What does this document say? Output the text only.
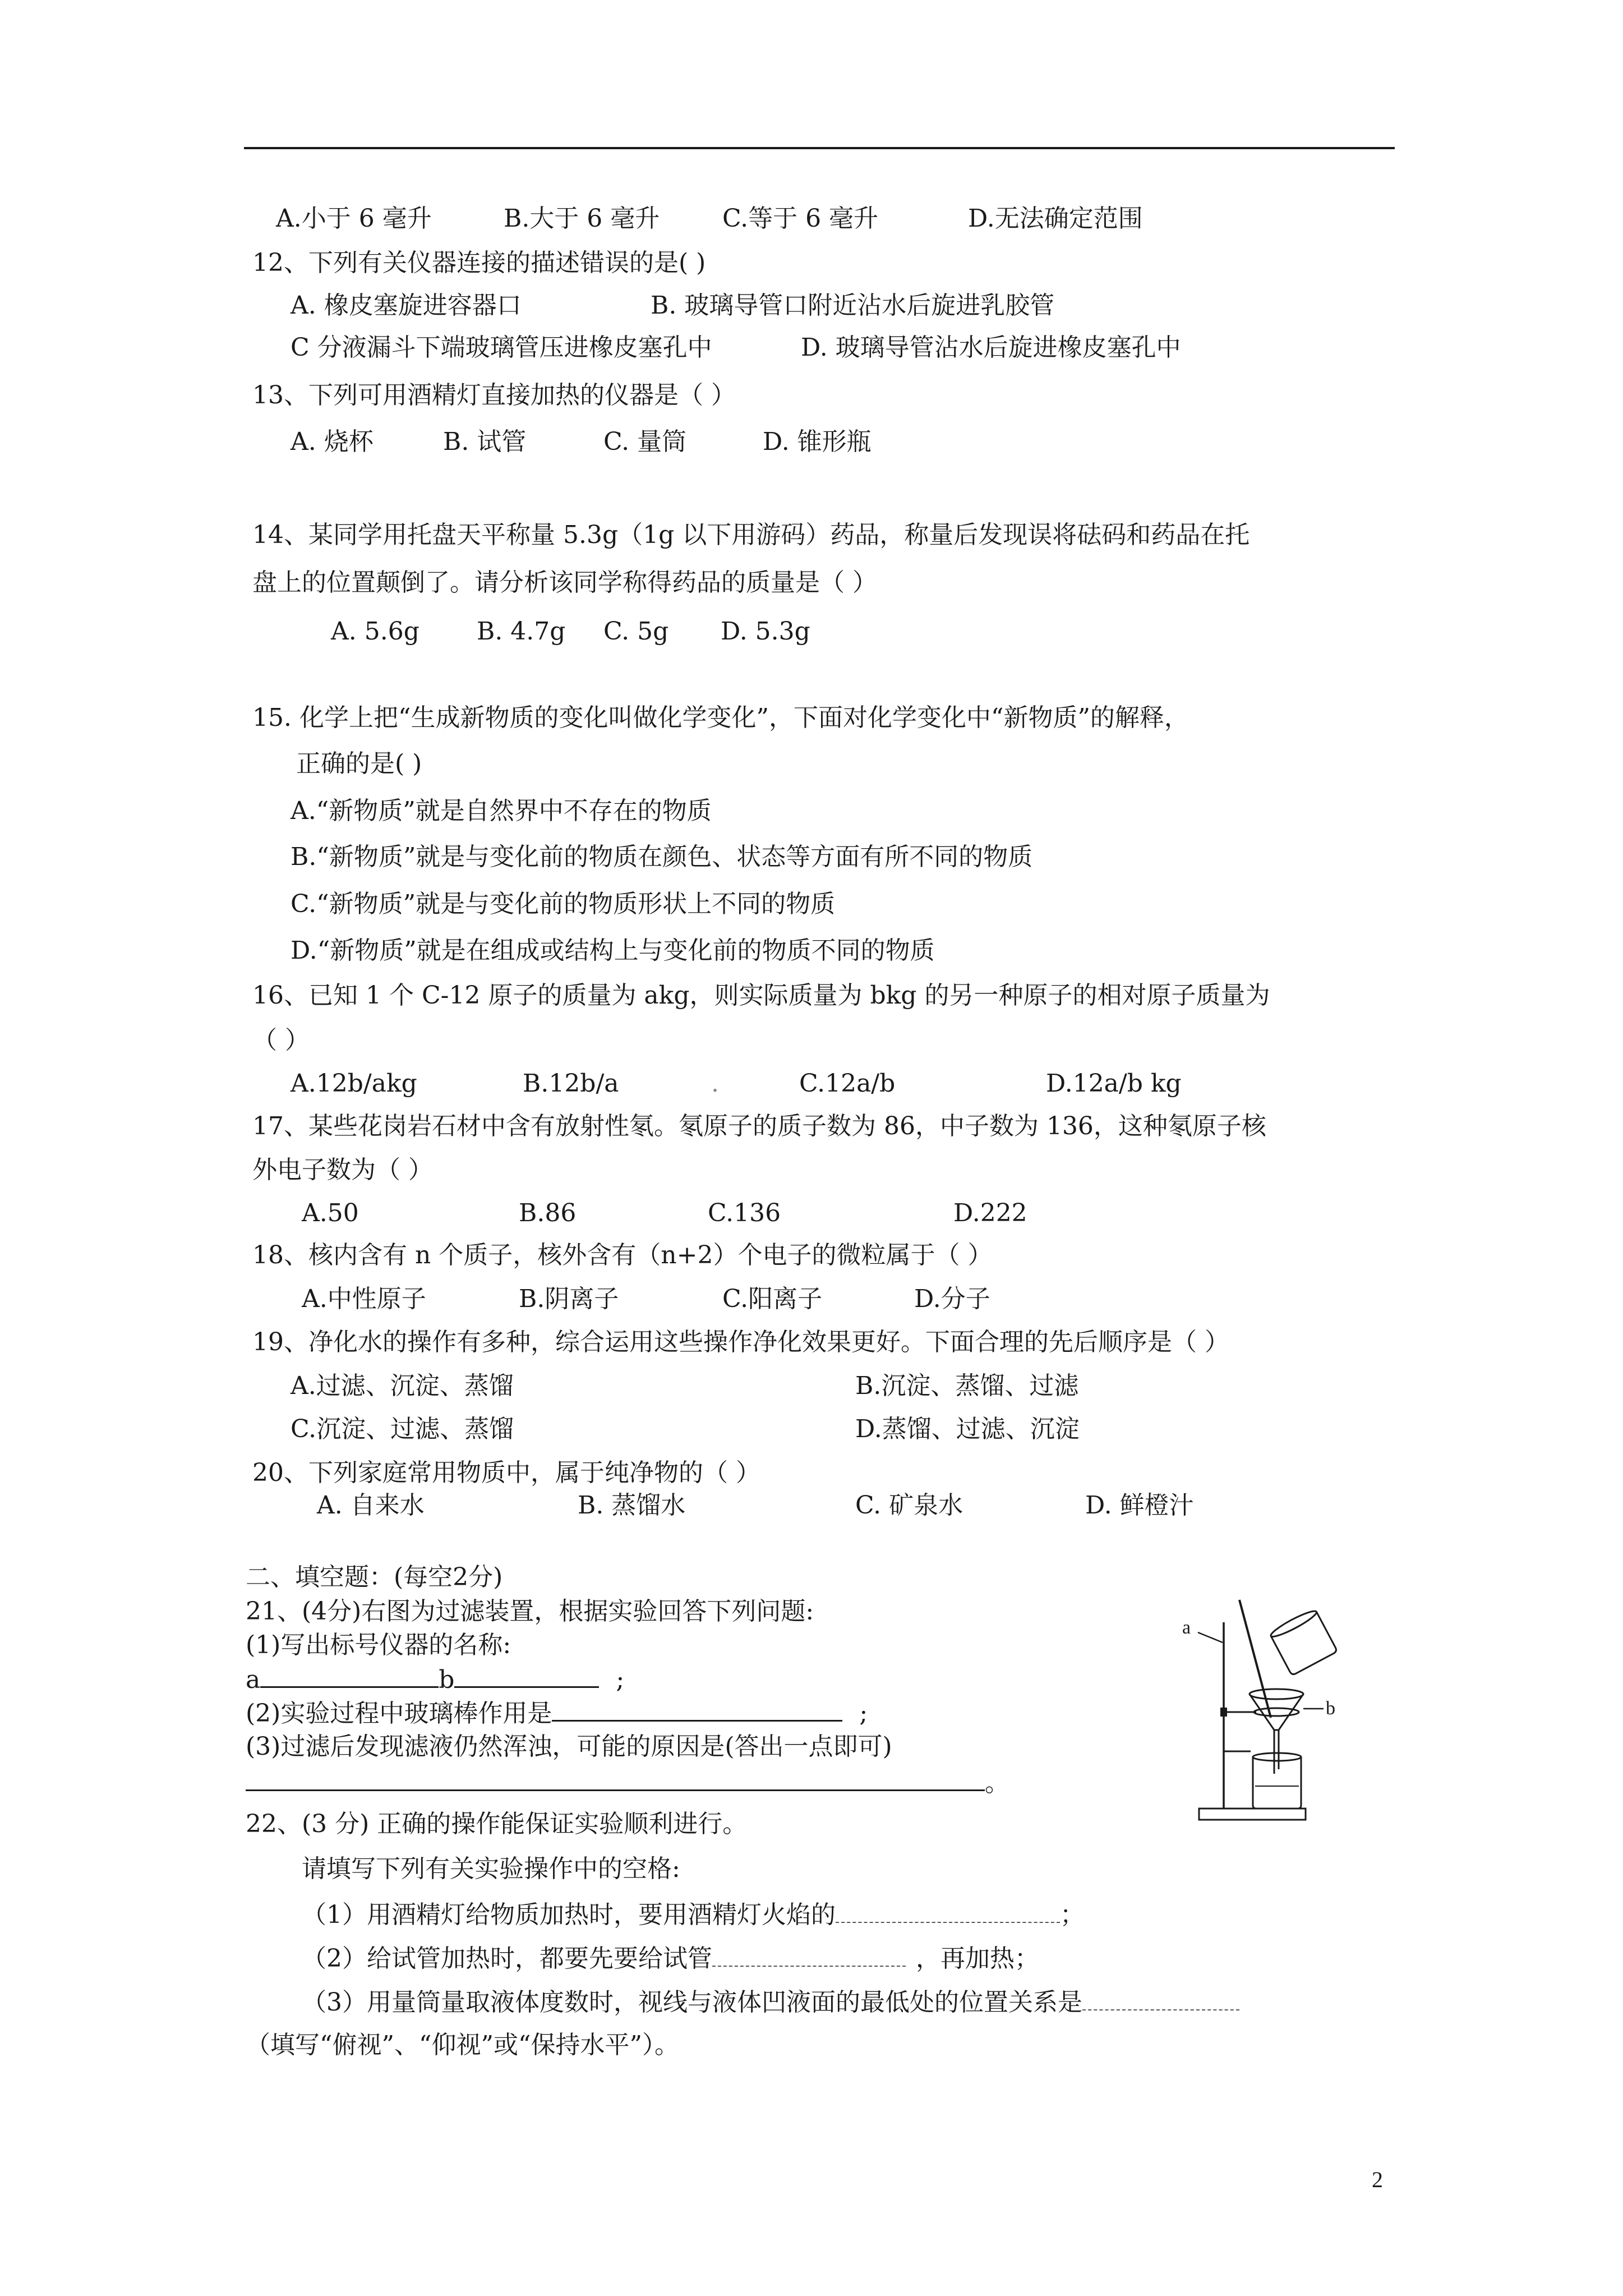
A.小于 6 毫升	B.大于 6 毫升	C.等于 6 毫升	D.无法确定范围
12、下列有关仪器连接的描述错误的是( )
A. 橡皮塞旋进容器口	B. 玻璃导管口附近沾水后旋进乳胶管
C 分液漏斗下端玻璃管压进橡皮塞孔中	D. 玻璃导管沾水后旋进橡皮塞孔中
13、下列可用酒精灯直接加热的仪器是（ ）
A. 烧杯	B. 试管	C. 量筒	D. 锥形瓶
14、某同学用托盘天平称量 5.3g（1g 以下用游码）药品，称量后发现误将砝码和药品在托
盘上的位置颠倒了。请分析该同学称得药品的质量是（ ）
A. 5.6g B. 4.7g C. 5g D. 5.3g
15. 化学上把“生成新物质的变化叫做化学变化”，下面对化学变化中“新物质”的解释，
正确的是( )
A.“新物质”就是自然界中不存在的物质
B.“新物质”就是与变化前的物质在颜色、状态等方面有所不同的物质
C.“新物质”就是与变化前的物质形状上不同的物质
D.“新物质”就是在组成或结构上与变化前的物质不同的物质
16、已知 1 个 C-12 原子的质量为 akg，则实际质量为 bkg 的另一种原子的相对原子质量为
（ ）
A.12b/akg	B.12b/a	.	C.12a/b	D.12a/b kg
17、某些花岗岩石材中含有放射性氡。氡原子的质子数为 86，中子数为 136，这种氡原子核
外电子数为（ ）
A.50	B.86	C.136	D.222
18、核内含有 n 个质子，核外含有（n+2）个电子的微粒属于（ ）
A.中性原子	B.阴离子	C.阳离子	D.分子
19、净化水的操作有多种，综合运用这些操作净化效果更好。下面合理的先后顺序是（ ）
A.过滤、沉淀、蒸馏	B.沉淀、蒸馏、过滤
C.沉淀、过滤、蒸馏	D.蒸馏、过滤、沉淀
20、下列家庭常用物质中，属于纯净物的（ ）
A. 自来水	B. 蒸馏水	C. 矿泉水	D. 鲜橙汁
二、填空题：(每空2分)
21、(4分)右图为过滤装置，根据实验回答下列问题:
(1)写出标号仪器的名称:
a	b	;
(2)实验过程中玻璃棒作用是	;
(3)过滤后发现滤液仍然浑浊，可能的原因是(答出一点即可)
。
a
b
22、(3 分) 正确的操作能保证实验顺利进行。
请填写下列有关实验操作中的空格:
（1）用酒精灯给物质加热时，要用酒精灯火焰的	；
（2）给试管加热时，都要先要给试管	，再加热；
（3）用量筒量取液体度数时，视线与液体凹液面的最低处的位置关系是
（填写“俯视”、“仰视”或“保持水平”）。
2
